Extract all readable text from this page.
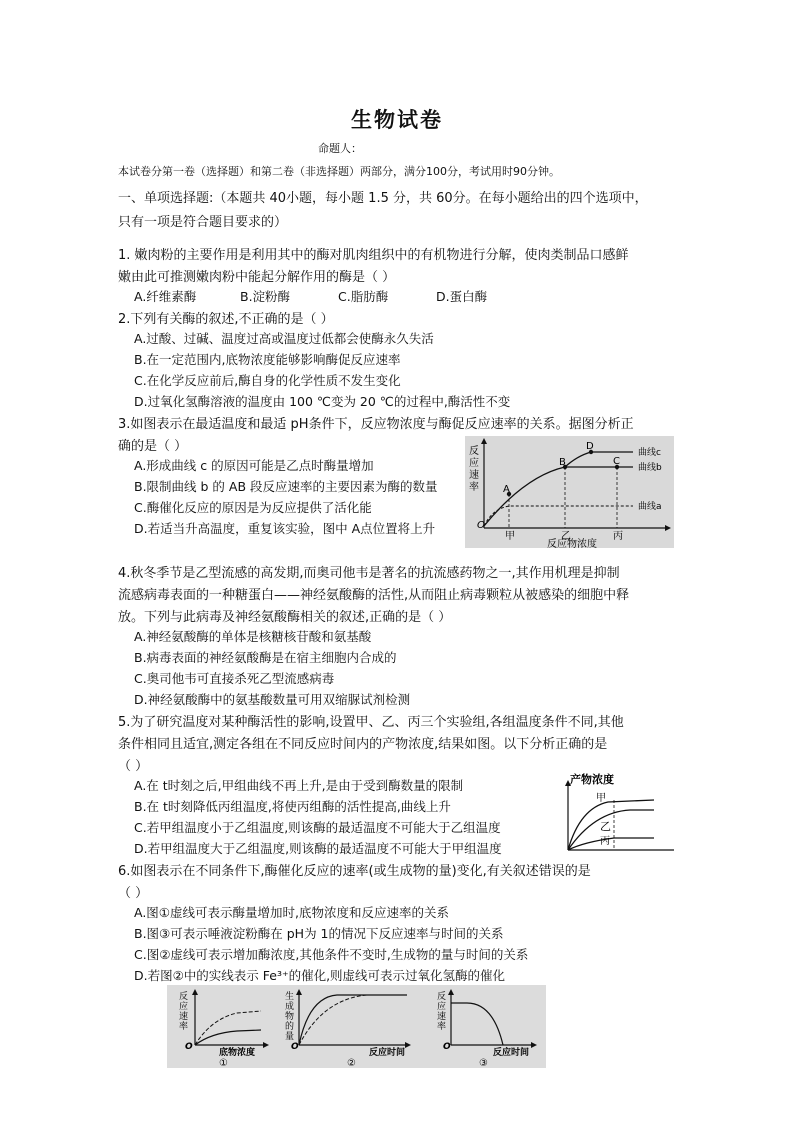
生物试卷
命题人：
本试卷分第一卷（选择题）和第二卷（非选择题）两部分，满分100分，考试用时90分钟。
一、单项选择题:（本题共 40小题，每小题 1.5 分，共 60分。在每小题给出的四个选项中，
只有一项是符合题目要求的）
1. 嫩肉粉的主要作用是利用其中的酶对肌肉组织中的有机物进行分解，使肉类制品口感鲜
嫩由此可推测嫩肉粉中能起分解作用的酶是（ ）
A.纤维素酶	B.淀粉酶	C.脂肪酶	D.蛋白酶
2.下列有关酶的叙述,不正确的是（ ）
A.过酸、过碱、温度过高或温度过低都会使酶永久失活
B.在一定范围内,底物浓度能够影响酶促反应速率
C.在化学反应前后,酶自身的化学性质不发生变化
D.过氧化氢酶溶液的温度由 100 ℃变为 20 ℃的过程中,酶活性不变
3.如图表示在最适温度和最适 pH条件下，反应物浓度与酶促反应速率的关系。据图分析正
确的是（ ）
A.形成曲线 c 的原因可能是乙点时酶量增加
B.限制曲线 b 的 AB 段反应速率的主要因素为酶的数量
C.酶催化反应的原因是为反应提供了活化能
D.若适当升高温度，重复该实验，图中 A点位置将上升
反
应
速
率
O
A
B	C
D
曲线c
曲线b
曲线a
甲	乙	丙
反应物浓度
4.秋冬季节是乙型流感的高发期,而奥司他韦是著名的抗流感药物之一,其作用机理是抑制
流感病毒表面的一种糖蛋白——神经氨酸酶的活性,从而阻止病毒颗粒从被感染的细胞中释
放。下列与此病毒及神经氨酸酶相关的叙述,正确的是（ ）
A.神经氨酸酶的单体是核糖核苷酸和氨基酸
B.病毒表面的神经氨酸酶是在宿主细胞内合成的
C.奥司他韦可直接杀死乙型流感病毒
D.神经氨酸酶中的氨基酸数量可用双缩脲试剂检测
5.为了研究温度对某种酶活性的影响,设置甲、乙、丙三个实验组,各组温度条件不同,其他
条件相同且适宜,测定各组在不同反应时间内的产物浓度,结果如图。以下分析正确的是
（ ）
A.在 t时刻之后,甲组曲线不再上升,是由于受到酶数量的限制
B.在 t时刻降低丙组温度,将使丙组酶的活性提高,曲线上升
C.若甲组温度小于乙组温度,则该酶的最适温度不可能大于乙组温度
D.若甲组温度大于乙组温度,则该酶的最适温度不可能大于甲组温度
产物浓度
甲
乙
丙
6.如图表示在不同条件下,酶催化反应的速率(或生成物的量)变化,有关叙述错误的是
（ ）
A.图①虚线可表示酶量增加时,底物浓度和反应速率的关系
B.图③可表示唾液淀粉酶在 pH为 1的情况下反应速率与时间的关系
C.图②虚线可表示增加酶浓度,其他条件不变时,生成物的量与时间的关系
D.若图②中的实线表示 Fe³⁺的催化,则虚线可表示过氧化氢酶的催化
反
应
速
率
O
底物浓度
①
生
成
物
的
量
O
反应时间
②
反
应
速
率
O
反应时间
③
